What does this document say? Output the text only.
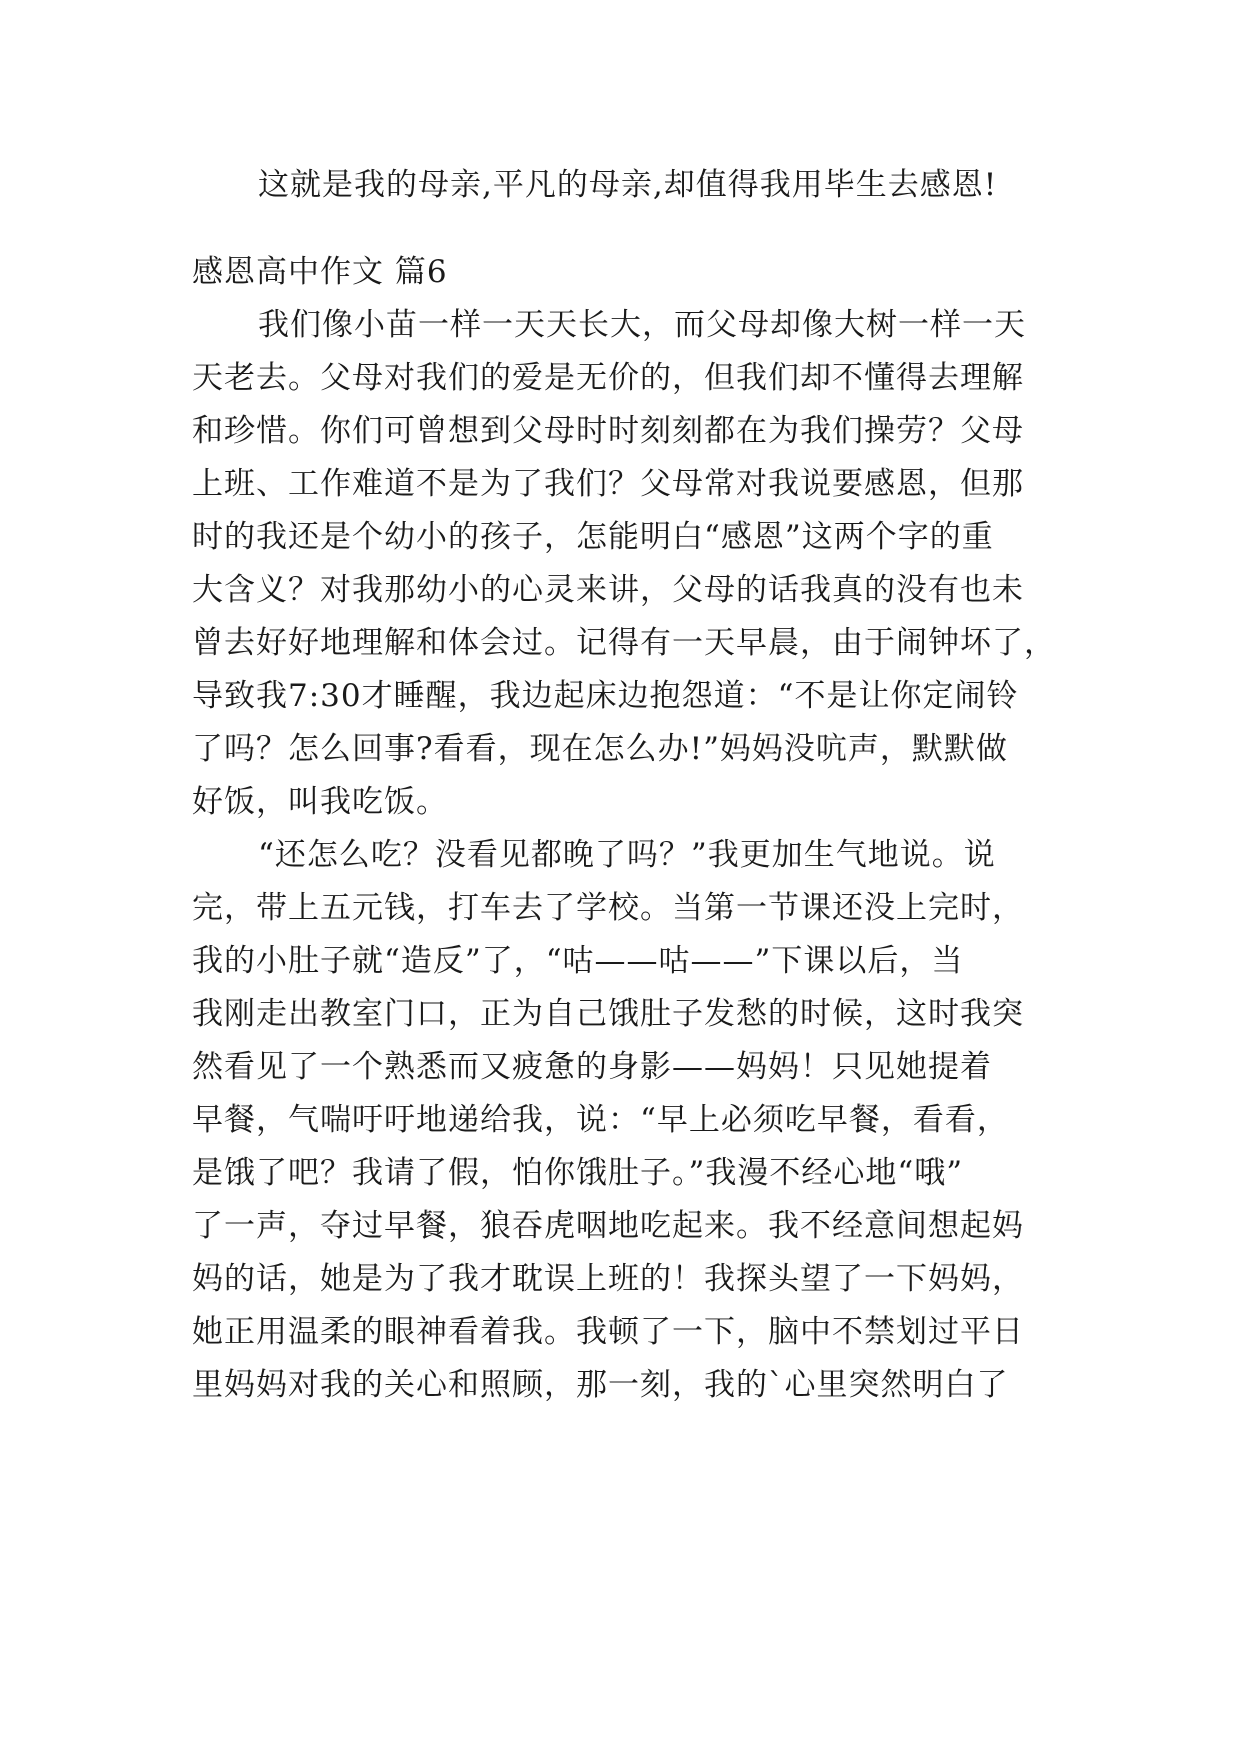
这就是我的母亲,平凡的母亲,却值得我用毕生去感恩!
感恩高中作文 篇6
我们像小苗一样一天天长大，而父母却像大树一样一天
天老去。父母对我们的爱是无价的，但我们却不懂得去理解
和珍惜。你们可曾想到父母时时刻刻都在为我们操劳？父母
上班、工作难道不是为了我们？父母常对我说要感恩，但那
时的我还是个幼小的孩子，怎能明白“感恩”这两个字的重
大含义？对我那幼小的心灵来讲，父母的话我真的没有也未
曾去好好地理解和体会过。记得有一天早晨，由于闹钟坏了，
导致我7:30才睡醒，我边起床边抱怨道：“不是让你定闹铃
了吗？怎么回事?看看，现在怎么办!”妈妈没吭声，默默做
好饭，叫我吃饭。
“还怎么吃？没看见都晚了吗？”我更加生气地说。说
完，带上五元钱，打车去了学校。当第一节课还没上完时，
我的小肚子就“造反”了，“咕——咕——”下课以后，当
我刚走出教室门口，正为自己饿肚子发愁的时候，这时我突
然看见了一个熟悉而又疲惫的身影——妈妈！只见她提着
早餐，气喘吁吁地递给我，说：“早上必须吃早餐，看看，
是饿了吧？我请了假，怕你饿肚子。”我漫不经心地“哦”
了一声，夺过早餐，狼吞虎咽地吃起来。我不经意间想起妈
妈的话，她是为了我才耽误上班的！我探头望了一下妈妈，
她正用温柔的眼神看着我。我顿了一下，脑中不禁划过平日
里妈妈对我的关心和照顾，那一刻，我的`心里突然明白了
